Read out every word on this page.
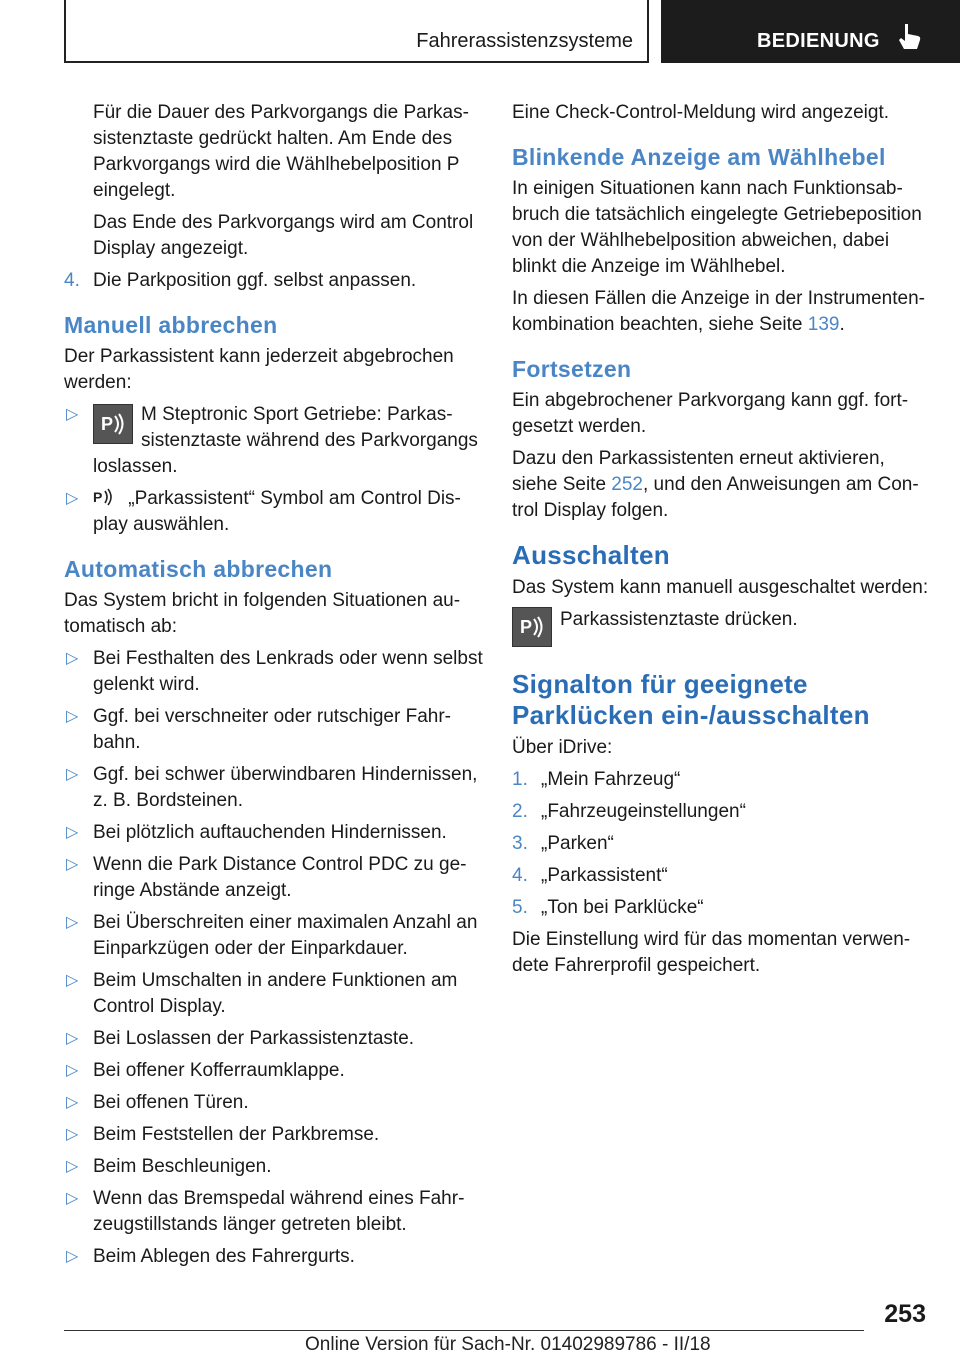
Fahrerassistenzsysteme	BEDIENUNG

Für die Dauer des Parkvorgangs die Parkas-sistenztaste gedrückt halten. Am Ende des Parkvorgangs wird die Wählhebelposition P eingelegt.

Das Ende des Parkvorgangs wird am Control Display angezeigt.

4. Die Parkposition ggf. selbst anpassen.
Manuell abbrechen

Der Parkassistent kann jederzeit abgebrochen werden:

▷ P M Steptronic Sport Getriebe: Parkas-sistenztaste während des Parkvorgangs loslassen.
▷ P „Parkassistent“ Symbol am Control Dis-play auswählen.
Automatisch abbrechen

Das System bricht in folgenden Situationen au-tomatisch ab:

▷ Bei Festhalten des Lenkrads oder wenn selbst gelenkt wird.
▷ Ggf. bei verschneiter oder rutschiger Fahr-bahn.
▷ Ggf. bei schwer überwindbaren Hindernissen, z. B. Bordsteinen.
▷ Bei plötzlich auftauchenden Hindernissen.
▷ Wenn die Park Distance Control PDC zu ge-ringe Abstände anzeigt.
▷ Bei Überschreiten einer maximalen Anzahl an Einparkzügen oder der Einparkdauer.
▷ Beim Umschalten in andere Funktionen am Control Display.
▷ Bei Loslassen der Parkassistenztaste.
▷ Bei offener Kofferraumklappe.
▷ Bei offenen Türen.
▷ Beim Feststellen der Parkbremse.
▷ Beim Beschleunigen.
▷ Wenn das Bremspedal während eines Fahr-zeugstillstands länger getreten bleibt.
▷ Beim Ablegen des Fahrergurts.

Eine Check-Control-Meldung wird angezeigt.

Blinkende Anzeige am Wählhebel

In einigen Situationen kann nach Funktionsab-bruch die tatsächlich eingelegte Getriebeposition von der Wählhebelposition abweichen, dabei blinkt die Anzeige im Wählhebel.

In diesen Fällen die Anzeige in der Instrumenten-kombination beachten, siehe Seite 139.

Fortsetzen

Ein abgebrochener Parkvorgang kann ggf. fort-gesetzt werden.

Dazu den Parkassistenten erneut aktivieren, siehe Seite 252, und den Anweisungen am Con-trol Display folgen.

Ausschalten

Das System kann manuell ausgeschaltet werden:

P Parkassistenztaste drücken.
Signalton für geeignete Parklücken ein-/ausschalten

Über iDrive:

1. „Mein Fahrzeug“
2. „Fahrzeugeinstellungen“
3. „Parken“
4. „Parkassistent“
5. „Ton bei Parklücke“

Die Einstellung wird für das momentan verwen-dete Fahrerprofil gespeichert.

253
Online Version für Sach-Nr. 01402989786 - II/18
